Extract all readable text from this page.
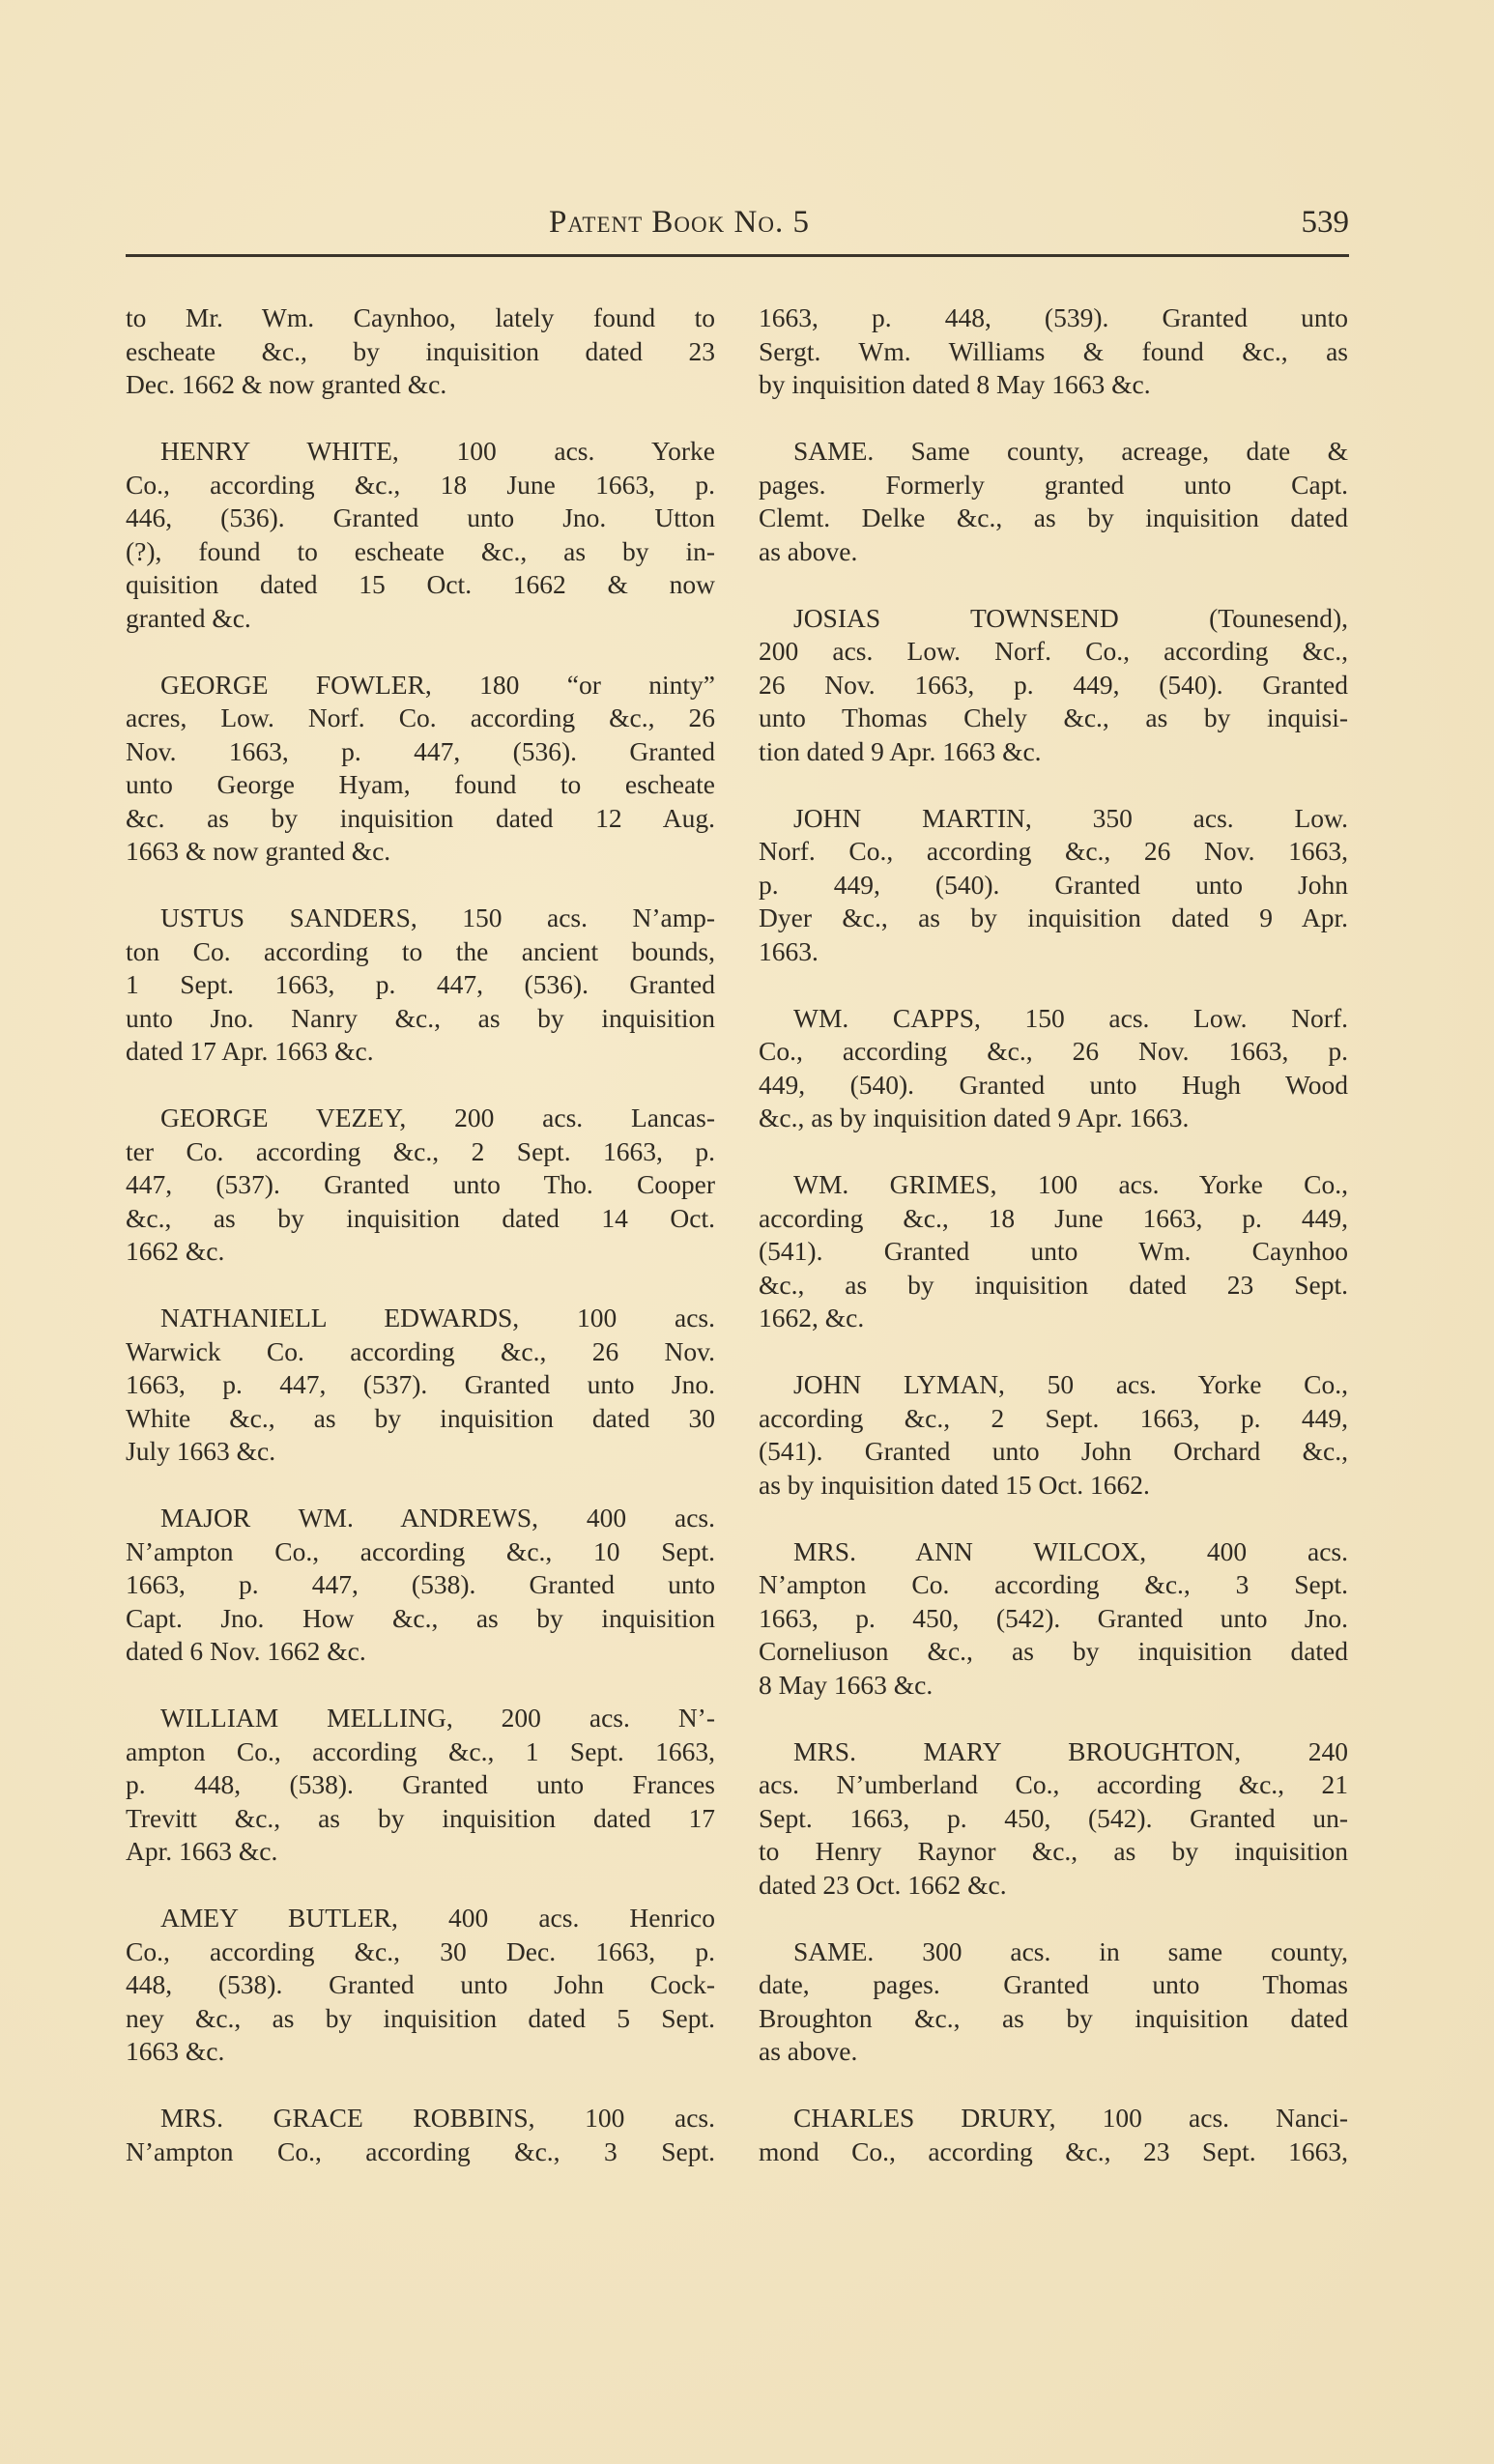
Patent Book No. 5	539
to Mr. Wm. Caynhoo, lately found to
escheate &c., by inquisition dated 23
Dec. 1662 & now granted &c.
HENRY WHITE, 100 acs. Yorke
Co., according &c., 18 June 1663, p.
446, (536). Granted unto Jno. Utton
(?), found to escheate &c., as by in-
quisition dated 15 Oct. 1662 & now
granted &c.
GEORGE FOWLER, 180 “or ninty”
acres, Low. Norf. Co. according &c., 26
Nov. 1663, p. 447, (536). Granted
unto George Hyam, found to escheate
&c. as by inquisition dated 12 Aug.
1663 & now granted &c.
USTUS SANDERS, 150 acs. N’amp-
ton Co. according to the ancient bounds,
1 Sept. 1663, p. 447, (536). Granted
unto Jno. Nanry &c., as by inquisition
dated 17 Apr. 1663 &c.
GEORGE VEZEY, 200 acs. Lancas-
ter Co. according &c., 2 Sept. 1663, p.
447, (537). Granted unto Tho. Cooper
&c., as by inquisition dated 14 Oct.
1662 &c.
NATHANIELL EDWARDS, 100 acs.
Warwick Co. according &c., 26 Nov.
1663, p. 447, (537). Granted unto Jno.
White &c., as by inquisition dated 30
July 1663 &c.
MAJOR WM. ANDREWS, 400 acs.
N’ampton Co., according &c., 10 Sept.
1663, p. 447, (538). Granted unto
Capt. Jno. How &c., as by inquisition
dated 6 Nov. 1662 &c.
WILLIAM MELLING, 200 acs. N’-
ampton Co., according &c., 1 Sept. 1663,
p. 448, (538). Granted unto Frances
Trevitt &c., as by inquisition dated 17
Apr. 1663 &c.
AMEY BUTLER, 400 acs. Henrico
Co., according &c., 30 Dec. 1663, p.
448, (538). Granted unto John Cock-
ney &c., as by inquisition dated 5 Sept.
1663 &c.
MRS. GRACE ROBBINS, 100 acs.
N’ampton Co., according &c., 3 Sept.
1663, p. 448, (539). Granted unto
Sergt. Wm. Williams & found &c., as
by inquisition dated 8 May 1663 &c.
SAME. Same county, acreage, date &
pages. Formerly granted unto Capt.
Clemt. Delke &c., as by inquisition dated
as above.
JOSIAS TOWNSEND (Tounesend),
200 acs. Low. Norf. Co., according &c.,
26 Nov. 1663, p. 449, (540). Granted
unto Thomas Chely &c., as by inquisi-
tion dated 9 Apr. 1663 &c.
JOHN MARTIN, 350 acs. Low.
Norf. Co., according &c., 26 Nov. 1663,
p. 449, (540). Granted unto John
Dyer &c., as by inquisition dated 9 Apr.
1663.
WM. CAPPS, 150 acs. Low. Norf.
Co., according &c., 26 Nov. 1663, p.
449, (540). Granted unto Hugh Wood
&c., as by inquisition dated 9 Apr. 1663.
WM. GRIMES, 100 acs. Yorke Co.,
according &c., 18 June 1663, p. 449,
(541). Granted unto Wm. Caynhoo
&c., as by inquisition dated 23 Sept.
1662, &c.
JOHN LYMAN, 50 acs. Yorke Co.,
according &c., 2 Sept. 1663, p. 449,
(541). Granted unto John Orchard &c.,
as by inquisition dated 15 Oct. 1662.
MRS. ANN WILCOX, 400 acs.
N’ampton Co. according &c., 3 Sept.
1663, p. 450, (542). Granted unto Jno.
Corneliuson &c., as by inquisition dated
8 May 1663 &c.
MRS. MARY BROUGHTON, 240
acs. N’umberland Co., according &c., 21
Sept. 1663, p. 450, (542). Granted un-
to Henry Raynor &c., as by inquisition
dated 23 Oct. 1662 &c.
SAME. 300 acs. in same county,
date, pages. Granted unto Thomas
Broughton &c., as by inquisition dated
as above.
CHARLES DRURY, 100 acs. Nanci-
mond Co., according &c., 23 Sept. 1663,
